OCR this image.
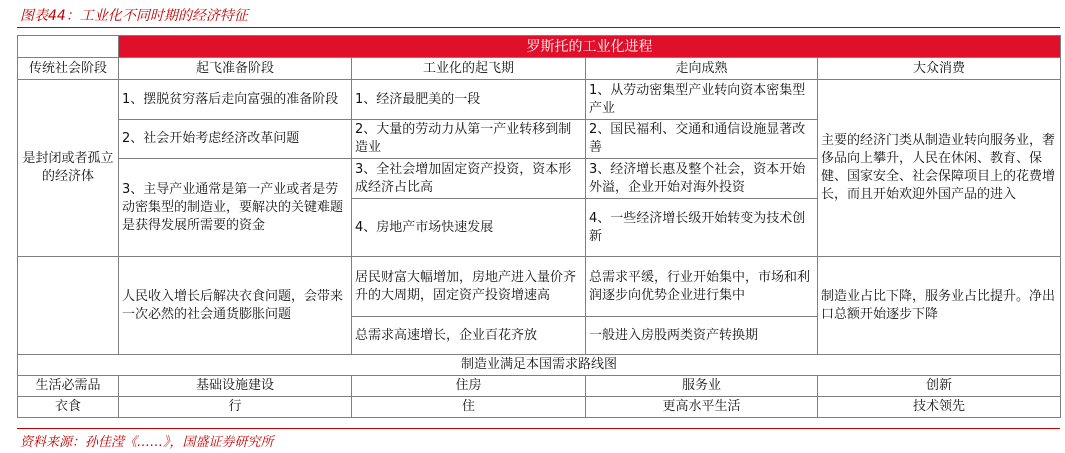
图表44：工业化不同时期的经济特征
	罗斯托的工业化进程			
传统社会阶段	起飞准备阶段	工业化的起飞期	走向成熟	大众消费
是封闭或者孤立的经济体	1、摆脱贫穷落后走向富强的准备阶段	1、经济最肥美的一段	1、从劳动密集型产业转向资本密集型产业	主要的经济门类从制造业转向服务业，奢侈品向上攀升，人民在休闲、教育、保健、国家安全、社会保障项目上的花费增长，而且开始欢迎外国产品的进入
	2、社会开始考虑经济改革问题	2、大量的劳动力从第一产业转移到制造业	2、国民福利、交通和通信设施显著改善	
	3、主导产业通常是第一产业或者是劳动密集型的制造业，要解决的关键难题是获得发展所需要的资金	3、全社会增加固定资产投资，资本形成经济占比高	3、经济增长惠及整个社会，资本开始外溢，企业开始对海外投资	
		4、房地产市场快速发展	4、一些经济增长级开始转变为技术创新	
	人民收入增长后解决衣食问题，会带来一次必然的社会通货膨胀问题	居民财富大幅增加，房地产进入量价齐升的大周期，固定资产投资增速高	总需求平缓，行业开始集中，市场和利润逐步向优势企业进行集中	制造业占比下降，服务业占比提升。净出口总额开始逐步下降
		总需求高速增长，企业百花齐放	一般进入房股两类资产转换期	
制造业满足本国需求路线图				
生活必需品	基础设施建设	住房	服务业	创新
衣食	行	住	更高水平生活	技术领先
资料来源：孙佳滢《……》，国盛证券研究所
